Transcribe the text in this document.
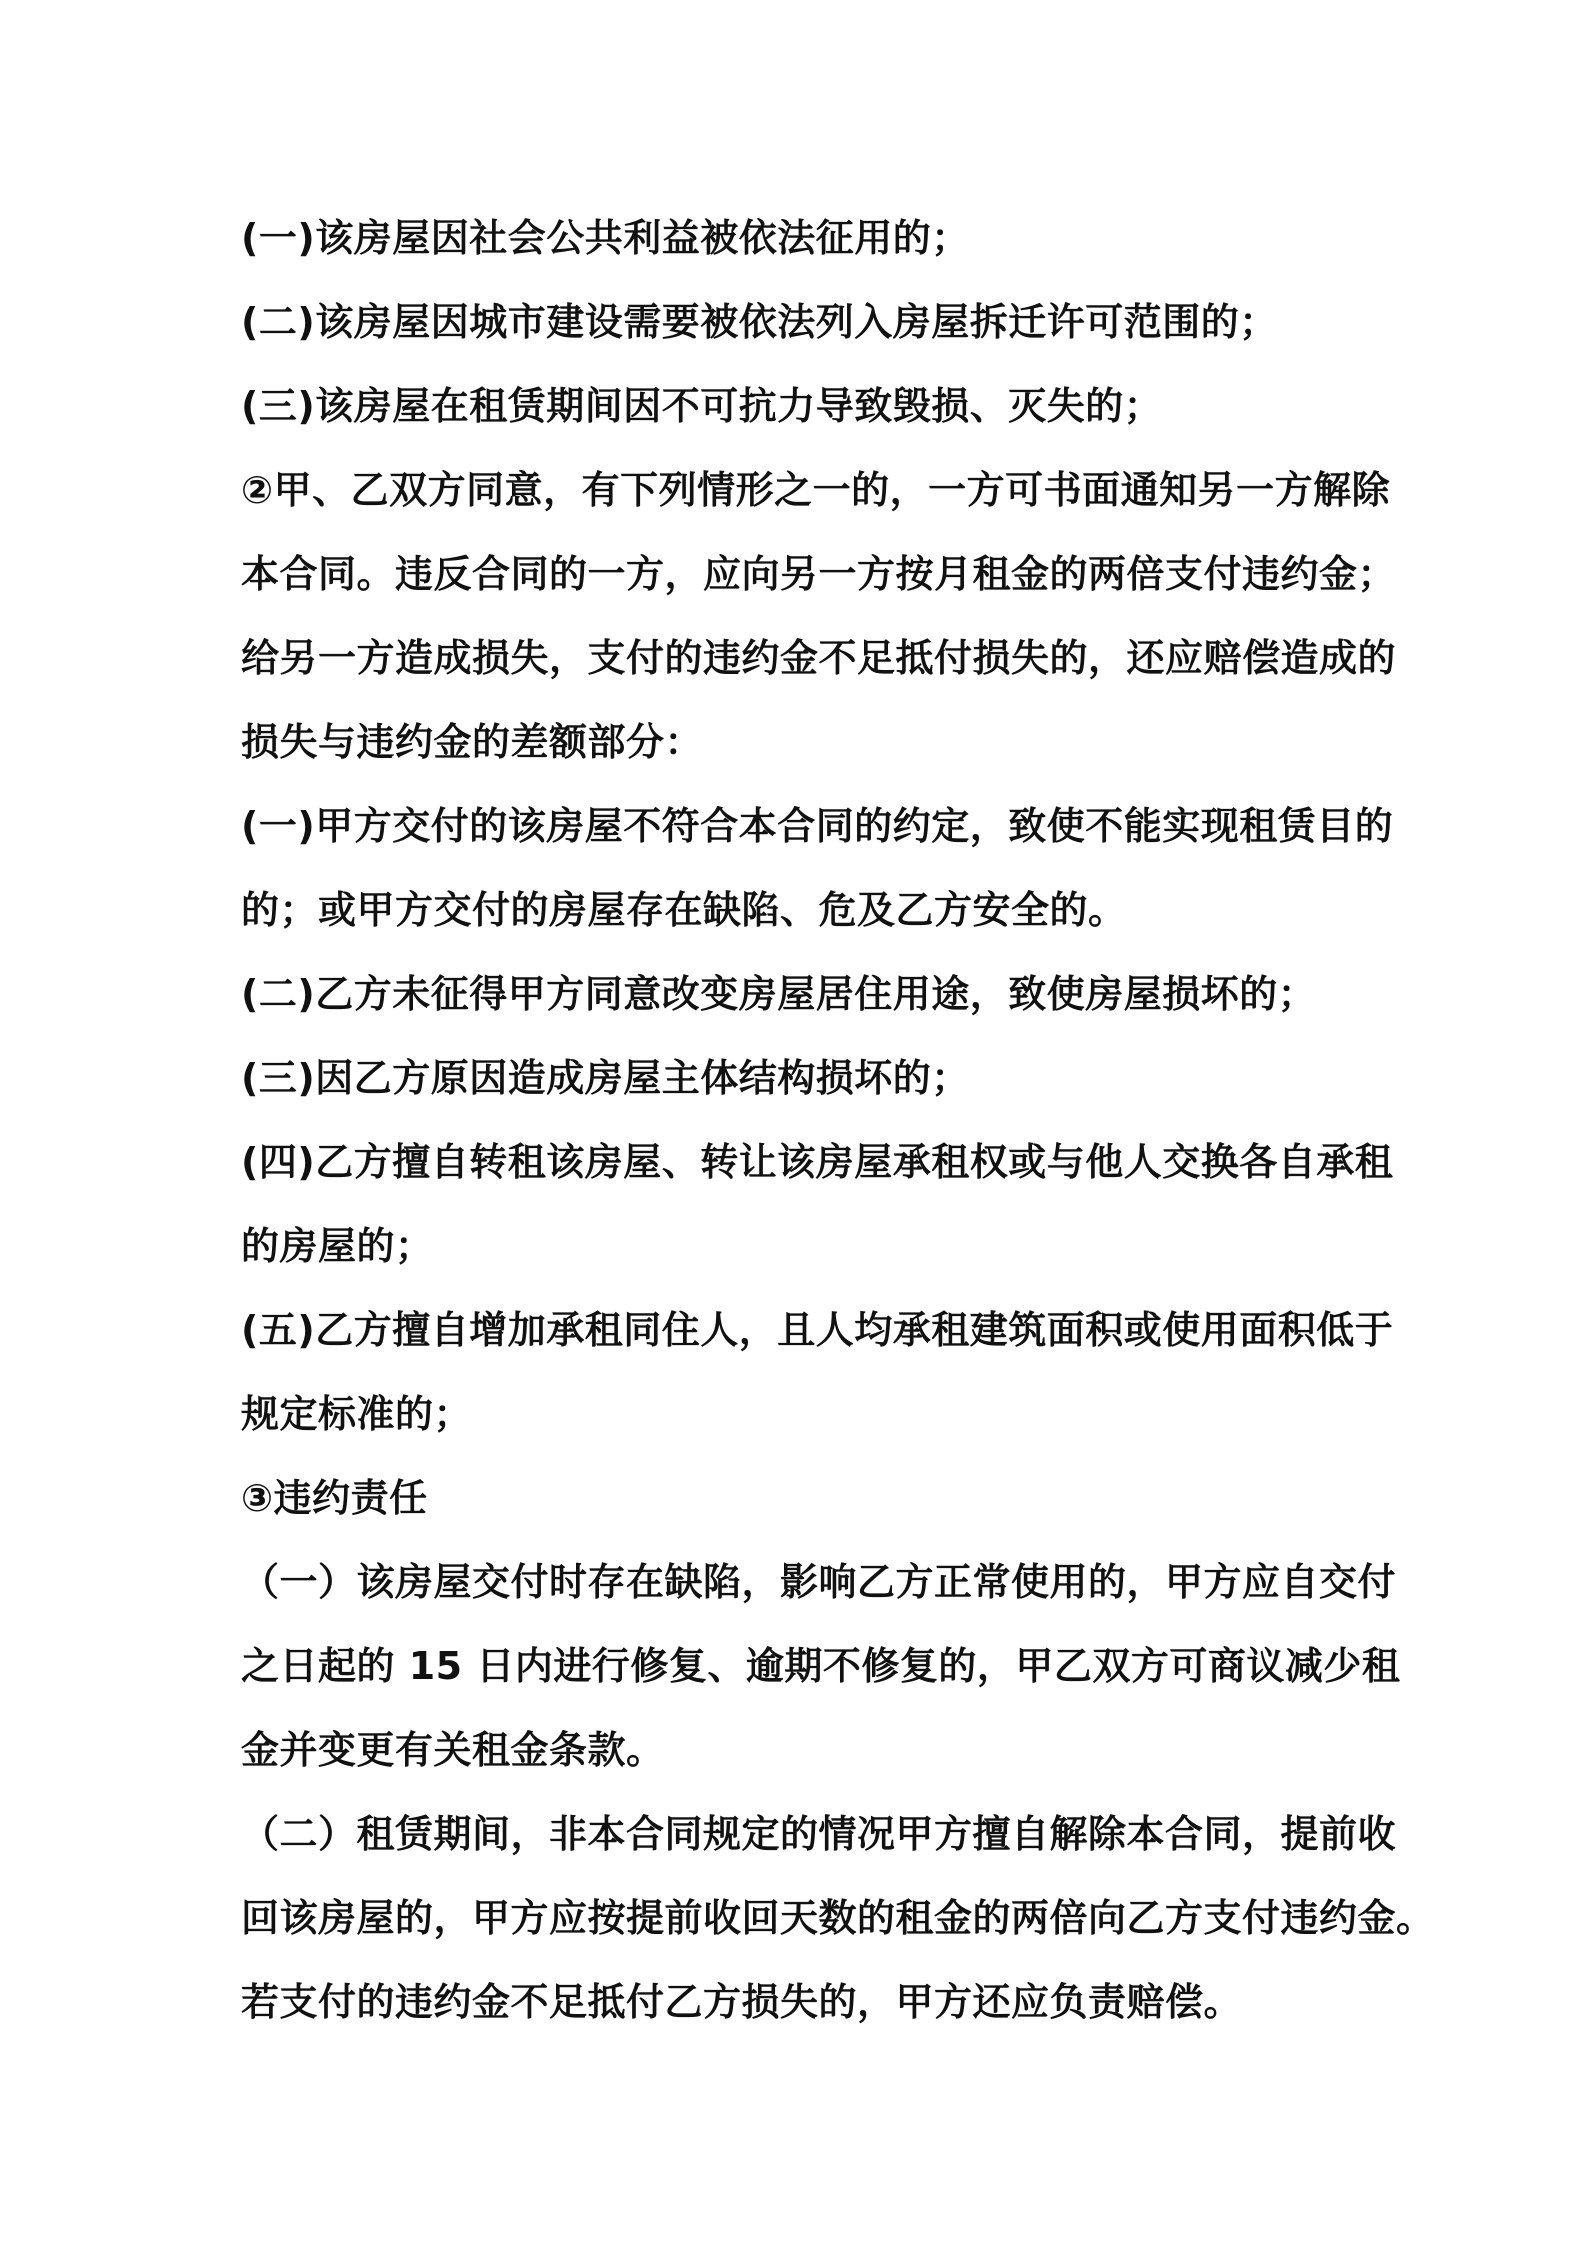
(一)该房屋因社会公共利益被依法征用的；
(二)该房屋因城市建设需要被依法列入房屋拆迁许可范围的；
(三)该房屋在租赁期间因不可抗力导致毁损、灭失的；
②甲、乙双方同意，有下列情形之一的，一方可书面通知另一方解除
本合同。违反合同的一方，应向另一方按月租金的两倍支付违约金；
给另一方造成损失，支付的违约金不足抵付损失的，还应赔偿造成的
损失与违约金的差额部分：
(一)甲方交付的该房屋不符合本合同的约定，致使不能实现租赁目的
的；或甲方交付的房屋存在缺陷、危及乙方安全的。
(二)乙方未征得甲方同意改变房屋居住用途，致使房屋损坏的；
(三)因乙方原因造成房屋主体结构损坏的；
(四)乙方擅自转租该房屋、转让该房屋承租权或与他人交换各自承租
的房屋的；
(五)乙方擅自增加承租同住人，且人均承租建筑面积或使用面积低于
规定标准的；
③违约责任
（一）该房屋交付时存在缺陷，影响乙方正常使用的，甲方应自交付
之日起的 15 日内进行修复、逾期不修复的，甲乙双方可商议减少租
金并变更有关租金条款。
（二）租赁期间，非本合同规定的情况甲方擅自解除本合同，提前收
回该房屋的，甲方应按提前收回天数的租金的两倍向乙方支付违约金。
若支付的违约金不足抵付乙方损失的，甲方还应负责赔偿。
